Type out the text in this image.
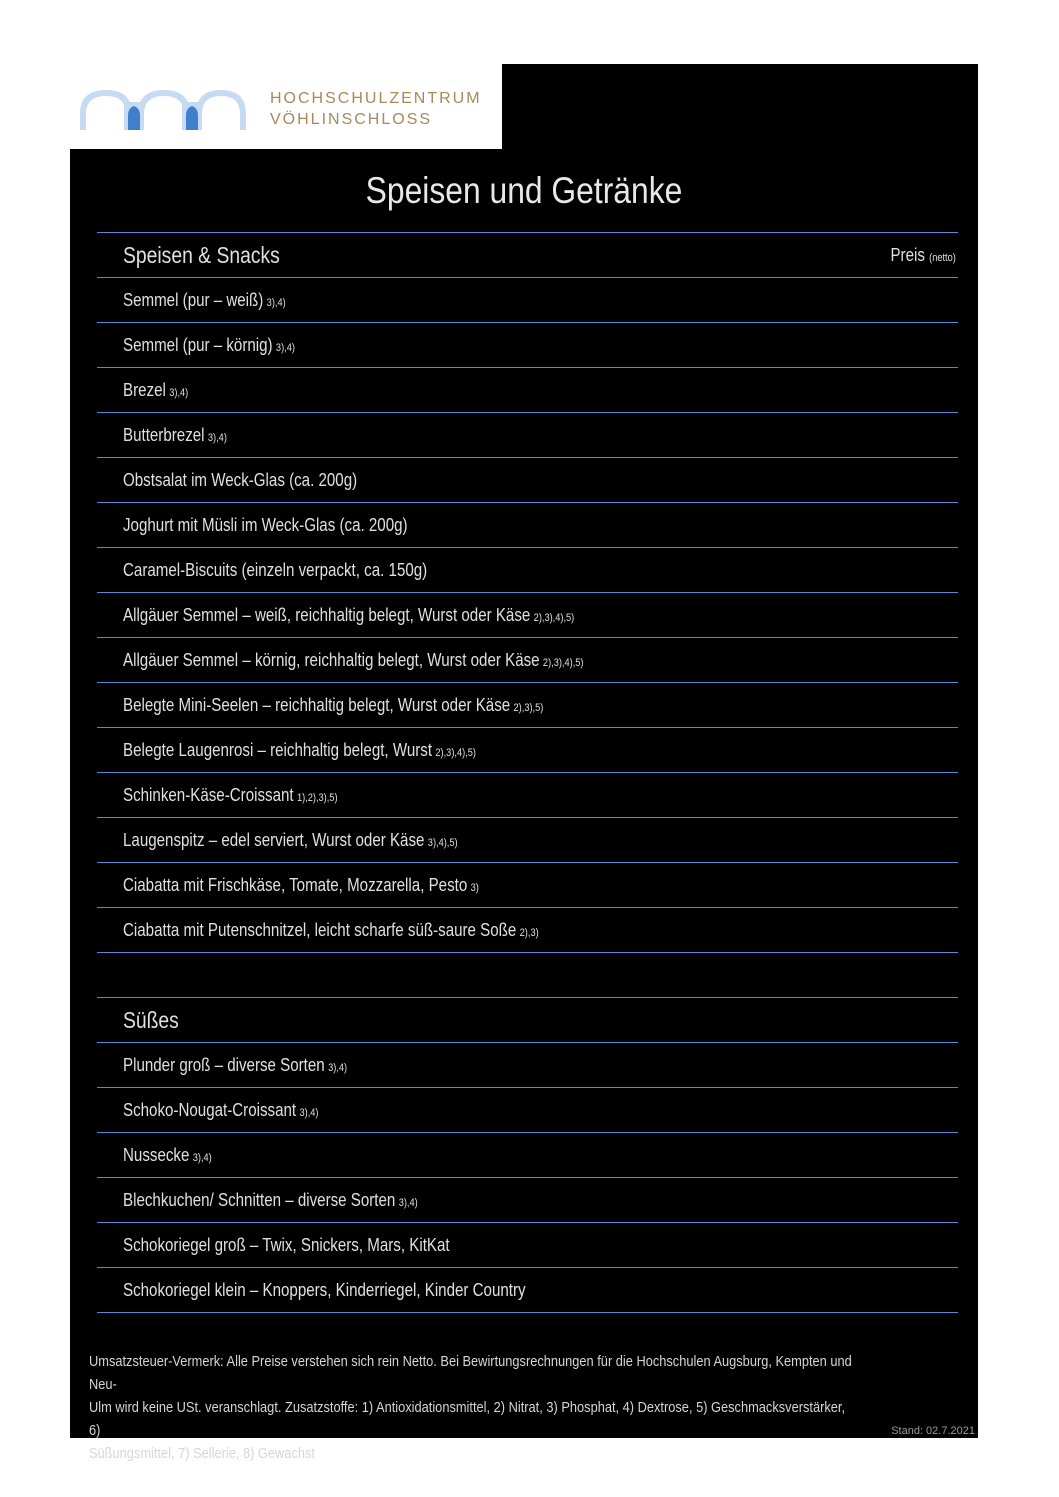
HOCHSCHULZENTRUM
VÖHLINSCHLOSS
Speisen und Getränke
Speisen & Snacks	Preis (netto)
Semmel (pur – weiß) 3),4)
Semmel (pur – körnig) 3),4)
Brezel 3),4)
Butterbrezel 3),4)
Obstsalat im Weck-Glas (ca. 200g)
Joghurt mit Müsli im Weck-Glas (ca. 200g)
Caramel-Biscuits (einzeln verpackt, ca. 150g)
Allgäuer Semmel – weiß, reichhaltig belegt, Wurst oder Käse 2),3),4),5)
Allgäuer Semmel – körnig, reichhaltig belegt, Wurst oder Käse 2),3),4),5)
Belegte Mini-Seelen – reichhaltig belegt, Wurst oder Käse 2),3),5)
Belegte Laugenrosi – reichhaltig belegt, Wurst 2),3),4),5)
Schinken-Käse-Croissant 1),2),3),5)
Laugenspitz – edel serviert, Wurst oder Käse 3),4),5)
Ciabatta mit Frischkäse, Tomate, Mozzarella, Pesto 3)
Ciabatta mit Putenschnitzel, leicht scharfe süß-saure Soße 2),3)
Süßes
Plunder groß – diverse Sorten 3),4)
Schoko-Nougat-Croissant 3),4)
Nussecke 3),4)
Blechkuchen/ Schnitten – diverse Sorten 3),4)
Schokoriegel groß – Twix, Snickers, Mars, KitKat
Schokoriegel klein – Knoppers, Kinderriegel, Kinder Country
Umsatzsteuer-Vermerk: Alle Preise verstehen sich rein Netto. Bei Bewirtungsrechnungen für die Hochschulen Augsburg, Kempten und Neu-
Ulm wird keine USt. veranschlagt. Zusatzstoffe: 1) Antioxidationsmittel, 2) Nitrat, 3) Phosphat, 4) Dextrose, 5) Geschmacksverstärker, 6)
Süßungsmittel, 7) Sellerie, 8) Gewachst
Stand: 02.7.2021
